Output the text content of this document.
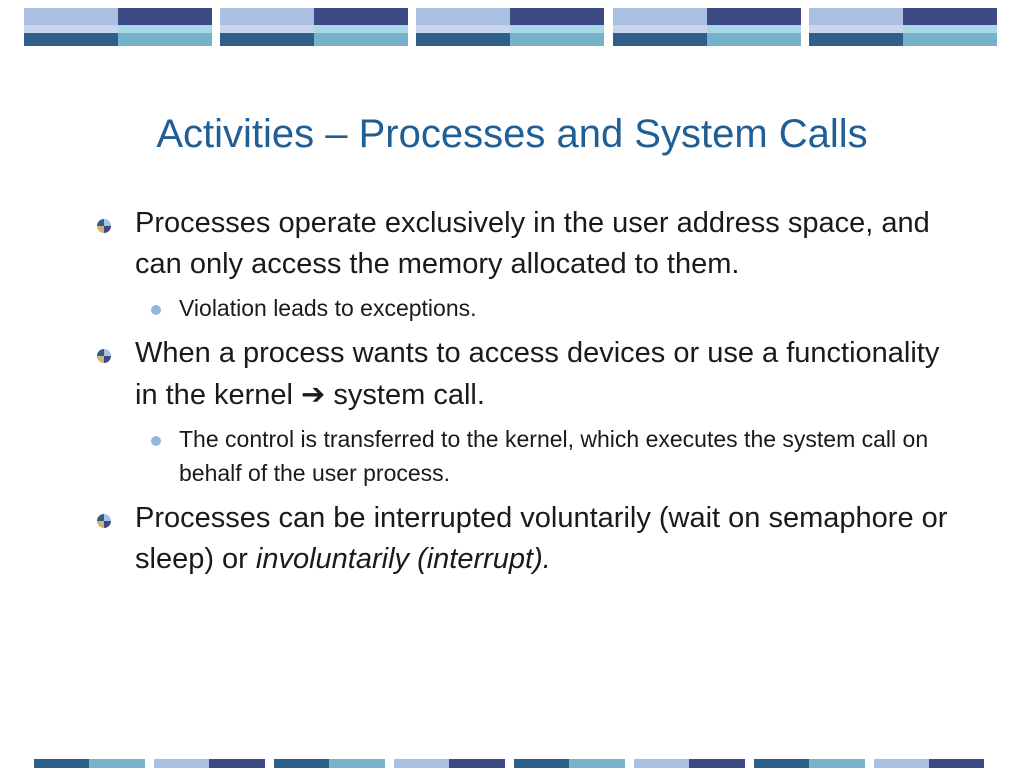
Activities – Processes and System Calls
Processes operate exclusively in the user address space, and can only access the memory allocated to them.
Violation leads to exceptions.
When a process wants to access devices or use a functionality in the kernel ➔ system call.
The control is transferred to the kernel, which executes the system call on behalf of the user process.
Processes can be interrupted voluntarily (wait on semaphore or sleep) or involuntarily (interrupt).
